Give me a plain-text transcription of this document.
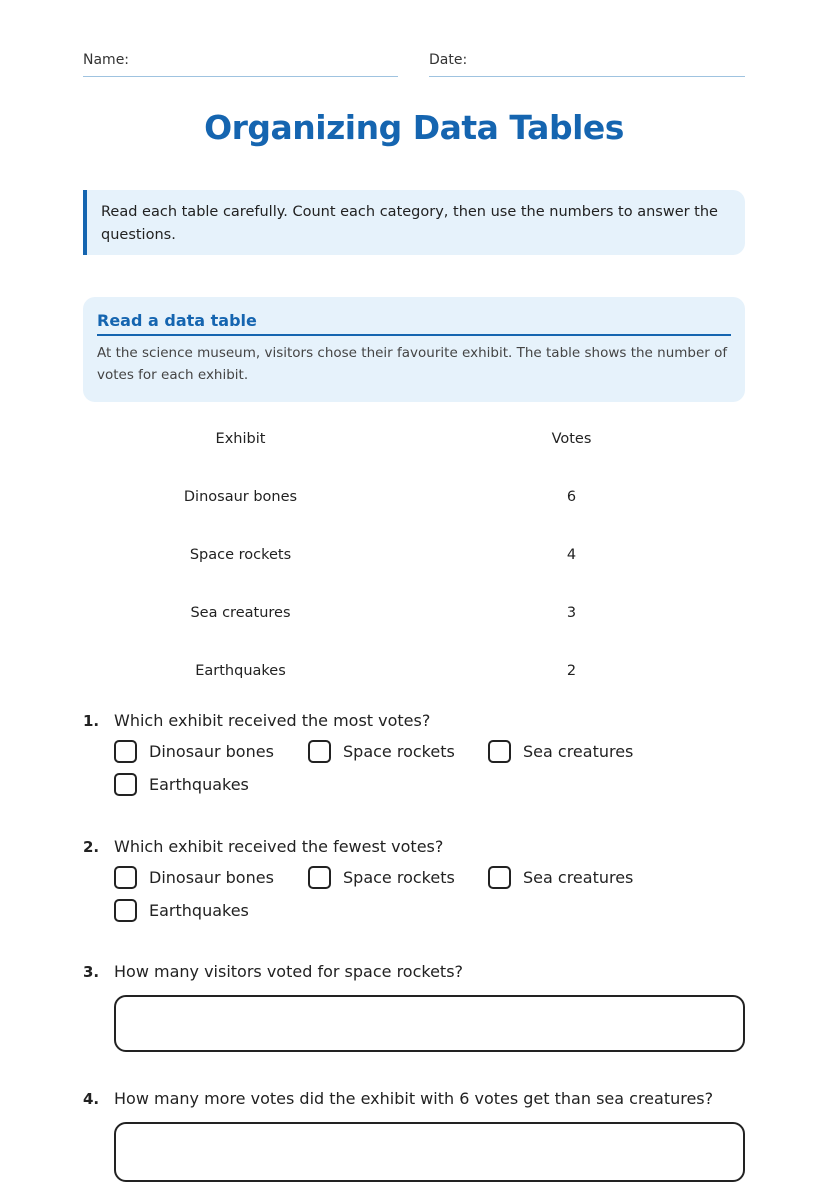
Name:	Date:
Organizing Data Tables
Read each table carefully. Count each category, then use the numbers to answer the questions.
Read a data table
At the science museum, visitors chose their favourite exhibit. The table shows the number of votes for each exhibit.
Exhibit	Votes
Dinosaur bones	6
Space rockets	4
Sea creatures	3
Earthquakes	2
1. Which exhibit received the most votes?
Dinosaur bones	Space rockets	Sea creatures
Earthquakes
2. Which exhibit received the fewest votes?
Dinosaur bones	Space rockets	Sea creatures
Earthquakes
3. How many visitors voted for space rockets?
4. How many more votes did the exhibit with 6 votes get than sea creatures?
